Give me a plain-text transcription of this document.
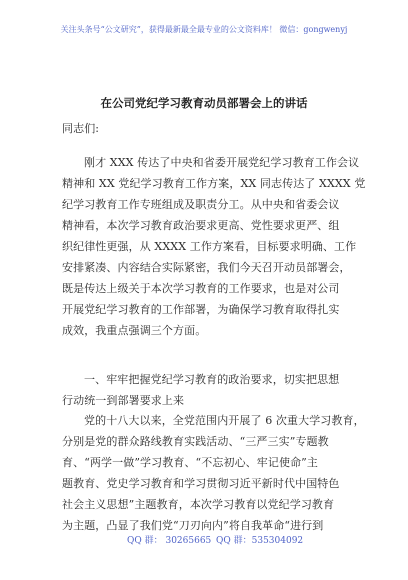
关注头条号“公文研究”，获得最新最全最专业的公文资料库！ 微信：gongwenyj
在公司党纪学习教育动员部署会上的讲话
同志们:
刚才 XXX 传达了中央和省委开展党纪学习教育工作会议
精神和 XX 党纪学习教育工作方案，XX 同志传达了 XXXX 党
纪学习教育工作专班组成及职责分工。从中央和省委会议
精神看，本次学习教育政治要求更高、党性要求更严、组
织纪律性更强，从 XXXX 工作方案看，目标要求明确、工作
安排紧凑、内容结合实际紧密，我们今天召开动员部署会，
既是传达上级关于本次学习教育的工作要求，也是对公司
开展党纪学习教育的工作部署，为确保学习教育取得扎实
成效，我重点强调三个方面。
一、牢牢把握党纪学习教育的政治要求，切实把思想
行动统一到部署要求上来
党的十八大以来，全党范围内开展了 6 次重大学习教育，
分别是党的群众路线教育实践活动、“三严三实”专题教
育、“两学一做”学习教育、“不忘初心、牢记使命”主
题教育、党史学习教育和学习贯彻习近平新时代中国特色
社会主义思想”主题教育，本次学习教育以党纪学习教育
为主题，凸显了我们党“刀刃向内”将自我革命“进行到
QQ 群： 30265665 QQ 群：535304092
